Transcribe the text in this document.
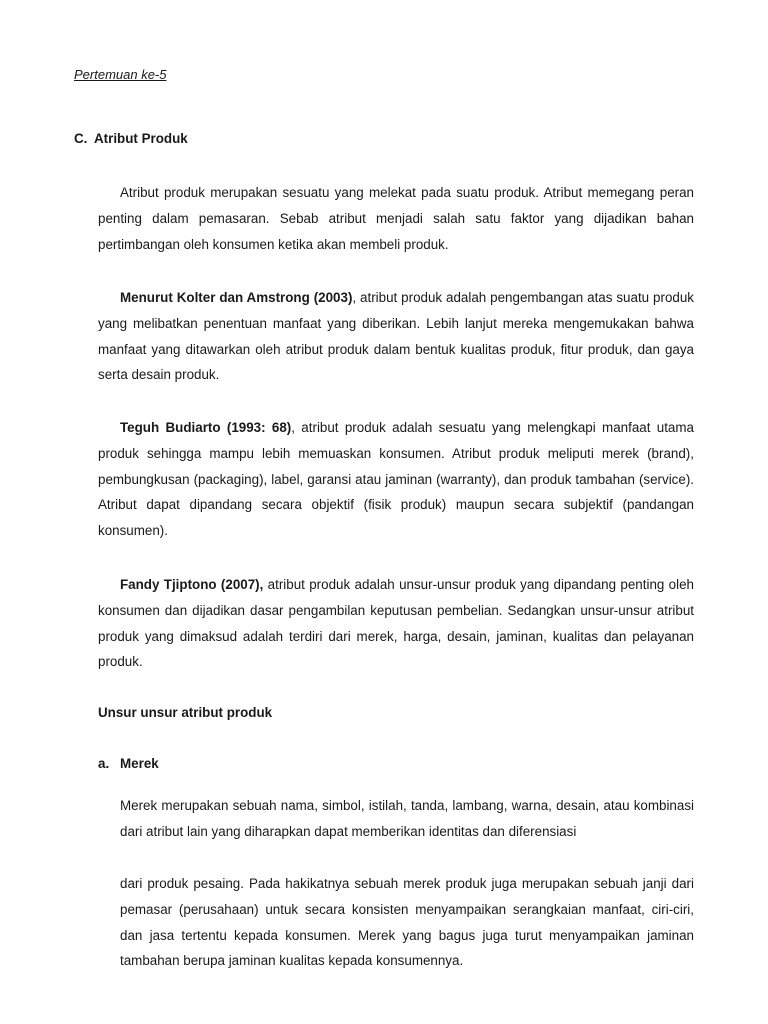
Pertemuan ke-5
C. Atribut Produk
Atribut produk merupakan sesuatu yang melekat pada suatu produk. Atribut memegang peran penting dalam pemasaran. Sebab atribut menjadi salah satu faktor yang dijadikan bahan pertimbangan oleh konsumen ketika akan membeli produk.
Menurut Kolter dan Amstrong (2003), atribut produk adalah pengembangan atas suatu produk yang melibatkan penentuan manfaat yang diberikan. Lebih lanjut mereka mengemukakan bahwa manfaat yang ditawarkan oleh atribut produk dalam bentuk kualitas produk, fitur produk, dan gaya serta desain produk.
Teguh Budiarto (1993: 68), atribut produk adalah sesuatu yang melengkapi manfaat utama produk sehingga mampu lebih memuaskan konsumen. Atribut produk meliputi merek (brand), pembungkusan (packaging), label, garansi atau jaminan (warranty), dan produk tambahan (service). Atribut dapat dipandang secara objektif (fisik produk) maupun secara subjektif (pandangan konsumen).
Fandy Tjiptono (2007), atribut produk adalah unsur-unsur produk yang dipandang penting oleh konsumen dan dijadikan dasar pengambilan keputusan pembelian. Sedangkan unsur-unsur atribut produk yang dimaksud adalah terdiri dari merek, harga, desain, jaminan, kualitas dan pelayanan produk.
Unsur unsur atribut produk
a. Merek
Merek merupakan sebuah nama, simbol, istilah, tanda, lambang, warna, desain, atau kombinasi dari atribut lain yang diharapkan dapat memberikan identitas dan diferensiasi
dari produk pesaing. Pada hakikatnya sebuah merek produk juga merupakan sebuah janji dari pemasar (perusahaan) untuk secara konsisten menyampaikan serangkaian manfaat, ciri-ciri, dan jasa tertentu kepada konsumen. Merek yang bagus juga turut menyampaikan jaminan tambahan berupa jaminan kualitas kepada konsumennya.
